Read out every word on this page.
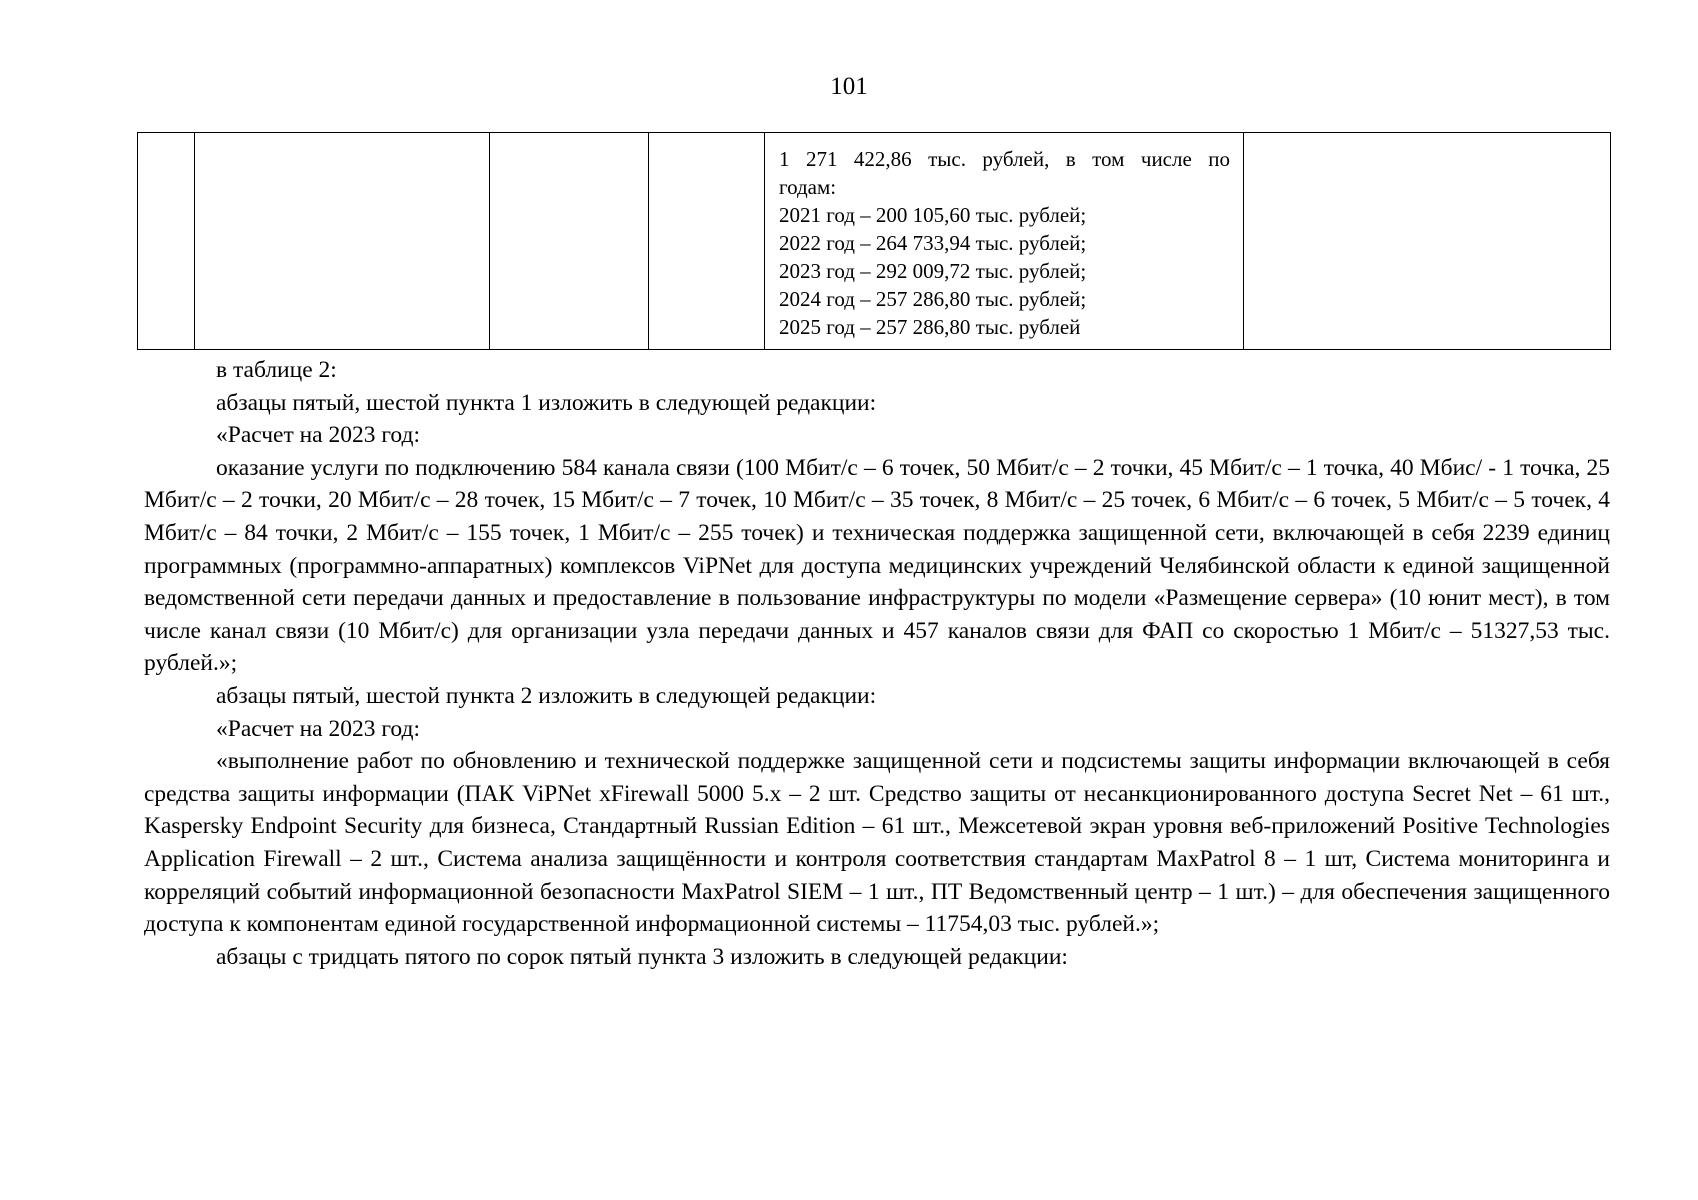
101

1 271 422,86 тыс. рублей, в том числе по
годам:
2021 год – 200 105,60 тыс. рублей;
2022 год – 264 733,94 тыс. рублей;
2023 год – 292 009,72 тыс. рублей;
2024 год – 257 286,80 тыс. рублей;
2025 год – 257 286,80 тыс. рублей

в таблице 2:

абзацы пятый, шестой пункта 1 изложить в следующей редакции:

«Расчет на 2023 год:

оказание услуги по подключению 584 канала связи (100 Мбит/с – 6 точек, 50 Мбит/с – 2 точки, 45 Мбит/с – 1 точка, 40 Мбис/ - 1 точка, 25 Мбит/с – 2 точки, 20 Мбит/с – 28 точек, 15 Мбит/с – 7 точек, 10 Мбит/с – 35 точек, 8 Мбит/с – 25 точек, 6 Мбит/с – 6 точек, 5 Мбит/с – 5 точек, 4 Мбит/с – 84 точки, 2 Мбит/с – 155 точек, 1 Мбит/с – 255 точек) и техническая поддержка защищенной сети, включающей в себя 2239 единиц программных (программно-аппаратных) комплексов ViPNet для доступа медицинских учреждений Челябинской области к единой защищенной ведомственной сети передачи данных и предоставление в пользование инфраструктуры по модели «Размещение сервера» (10 юнит мест), в том числе канал связи (10 Мбит/с) для организации узла передачи данных и 457 каналов связи для ФАП со скоростью 1 Мбит/с – 51327,53 тыс. рублей.»;

абзацы пятый, шестой пункта 2 изложить в следующей редакции:

«Расчет на 2023 год:

«выполнение работ по обновлению и технической поддержке защищенной сети и подсистемы защиты информации включающей в себя средства защиты информации (ПАК ViPNet xFirewall 5000 5.x – 2 шт. Средство защиты от несанкционированного доступа Secret Net – 61 шт., Kaspersky Endpoint Security для бизнеса, Стандартный Russian Edition – 61 шт., Межсетевой экран уровня веб-приложений Positive Technologies Application Firewall – 2 шт., Система анализа защищённости и контроля соответствия стандартам MaxPatrol 8 – 1 шт, Система мониторинга и корреляций событий информационной безопасности MaxPatrol SIEM – 1 шт., ПТ Ведомственный центр – 1 шт.) – для обеспечения защищенного доступа к компонентам единой государственной информационной системы – 11754,03 тыс. рублей.»;

абзацы с тридцать пятого по сорок пятый пункта 3 изложить в следующей редакции:
